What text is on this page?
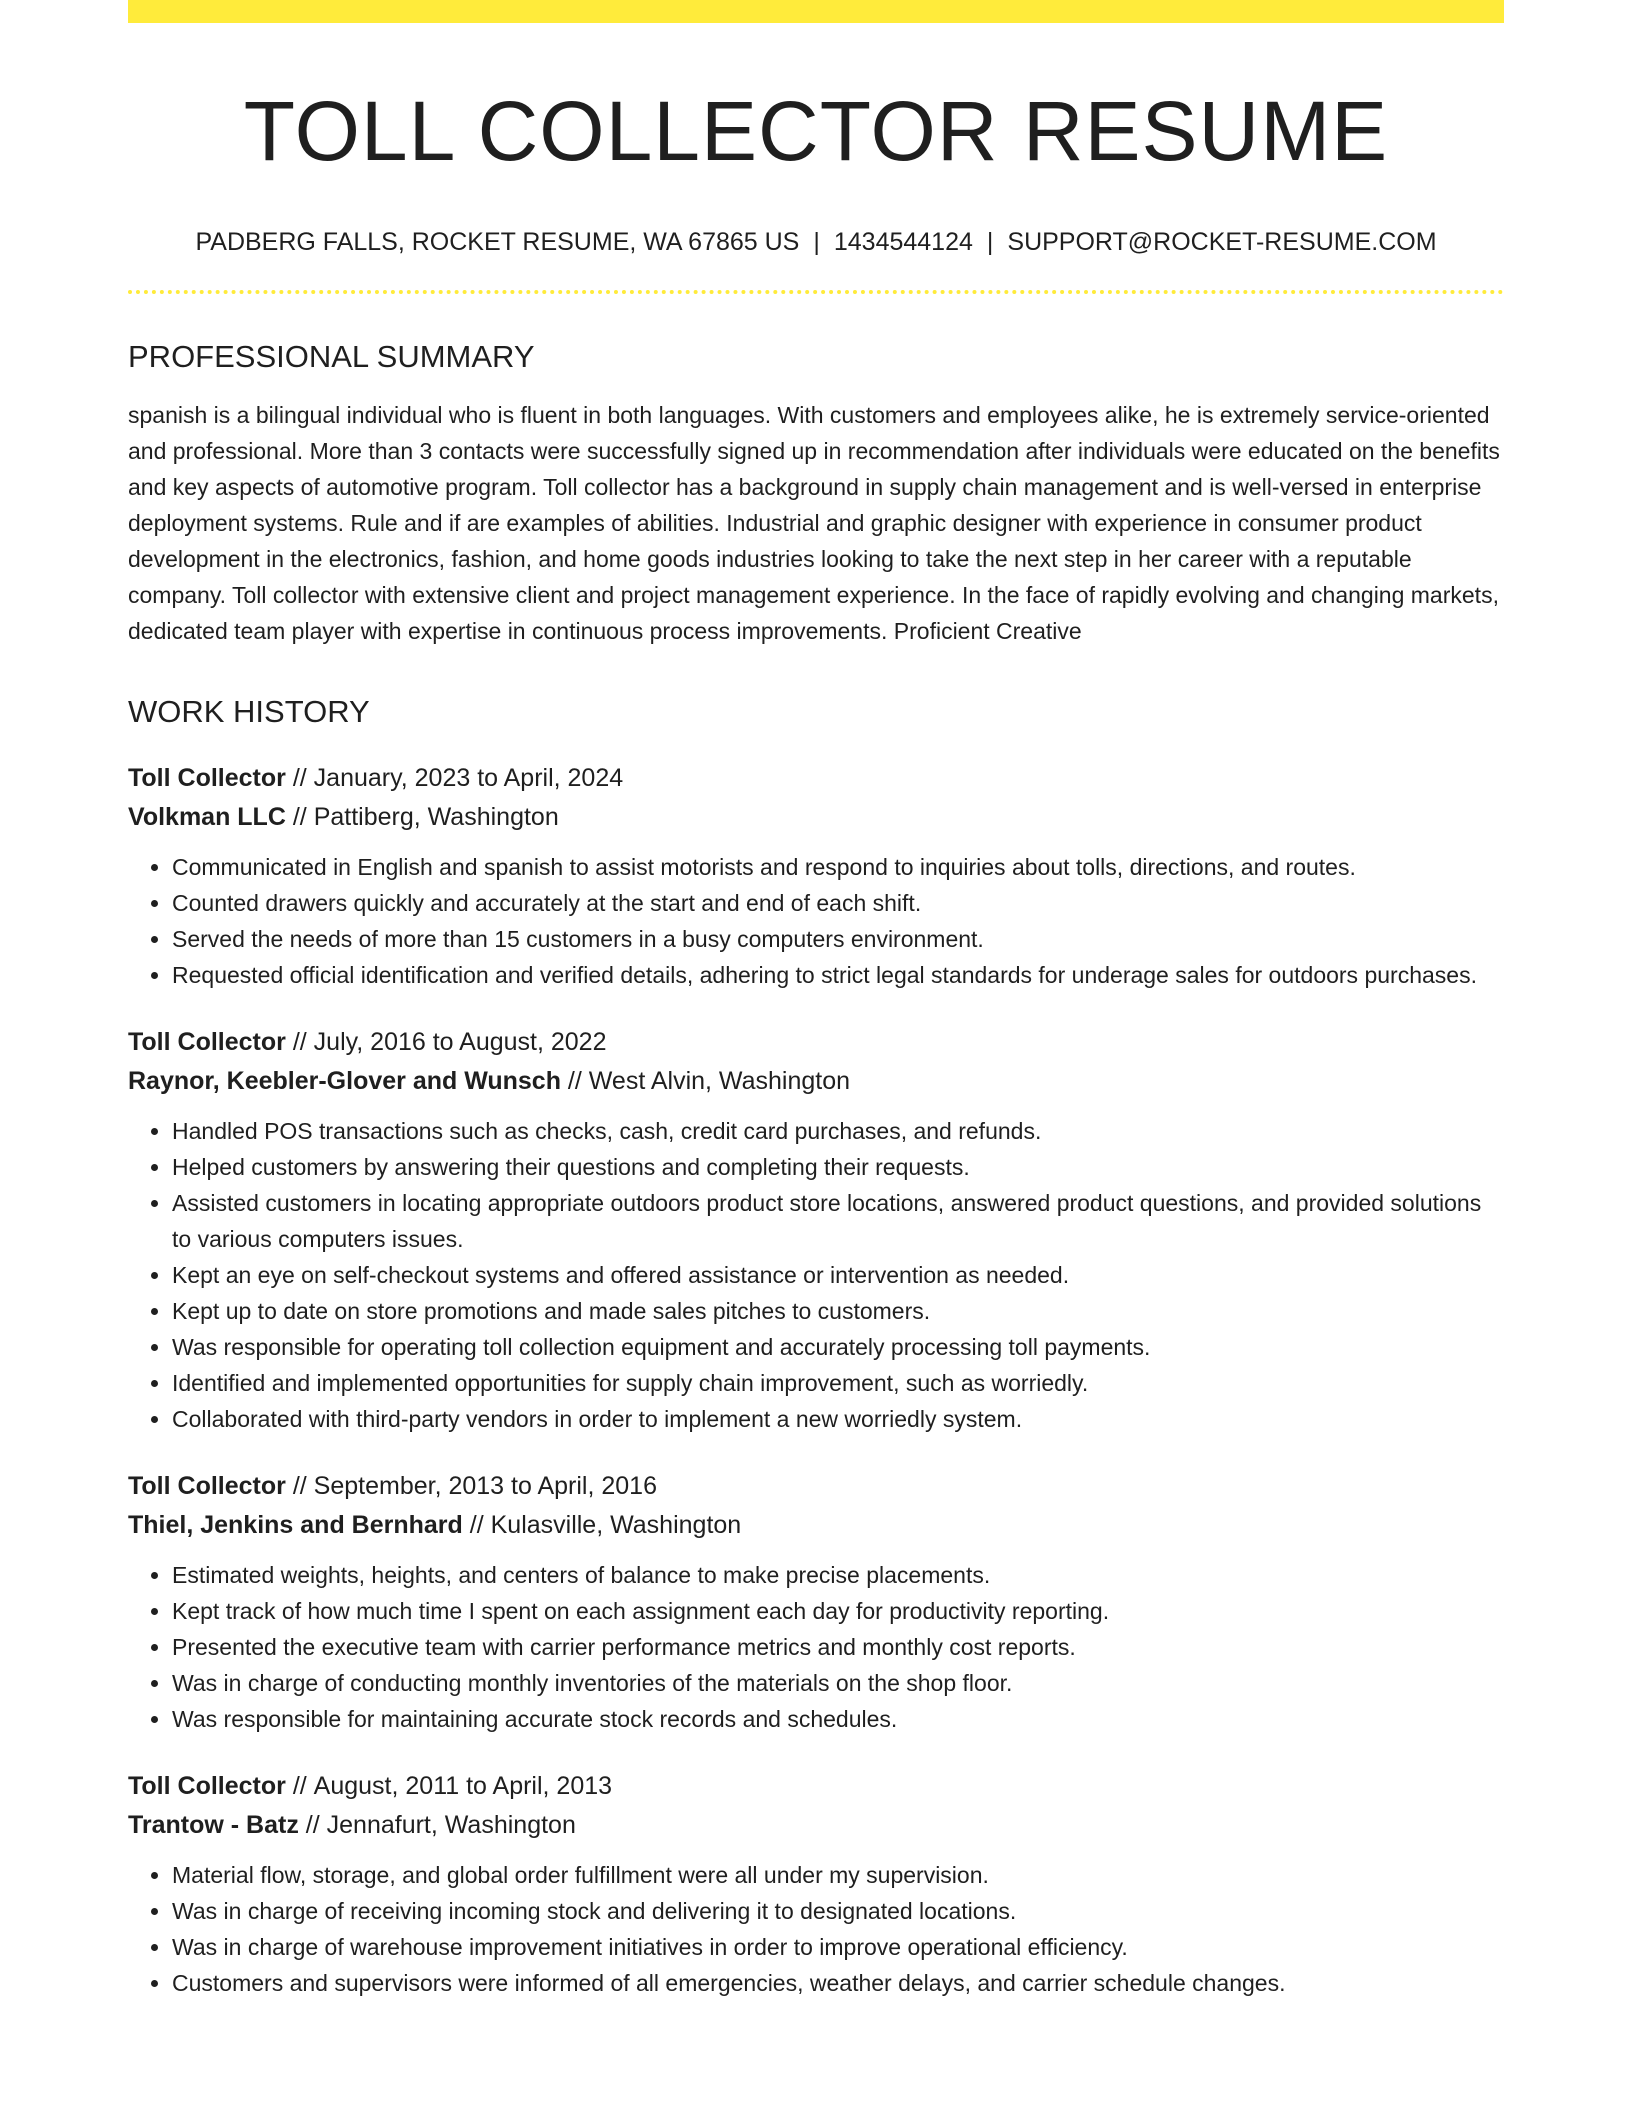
TOLL COLLECTOR RESUME
PADBERG FALLS, ROCKET RESUME, WA 67865 US | 1434544124 | SUPPORT@ROCKET-RESUME.COM
PROFESSIONAL SUMMARY

spanish is a bilingual individual who is fluent in both languages. With customers and employees alike, he is extremely service-oriented and professional. More than 3 contacts were successfully signed up in recommendation after individuals were educated on the benefits and key aspects of automotive program. Toll collector has a background in supply chain management and is well-versed in enterprise deployment systems. Rule and if are examples of abilities. Industrial and graphic designer with experience in consumer product development in the electronics, fashion, and home goods industries looking to take the next step in her career with a reputable company. Toll collector with extensive client and project management experience. In the face of rapidly evolving and changing markets, dedicated team player with expertise in continuous process improvements. Proficient Creative

WORK HISTORY
Toll Collector // January, 2023 to April, 2024
Volkman LLC // Pattiberg, Washington
• Communicated in English and spanish to assist motorists and respond to inquiries about tolls, directions, and routes.
• Counted drawers quickly and accurately at the start and end of each shift.
• Served the needs of more than 15 customers in a busy computers environment.
• Requested official identification and verified details, adhering to strict legal standards for underage sales for outdoors purchases.
Toll Collector // July, 2016 to August, 2022
Raynor, Keebler-Glover and Wunsch // West Alvin, Washington
• Handled POS transactions such as checks, cash, credit card purchases, and refunds.
• Helped customers by answering their questions and completing their requests.
• Assisted customers in locating appropriate outdoors product store locations, answered product questions, and provided solutions to various computers issues.
• Kept an eye on self-checkout systems and offered assistance or intervention as needed.
• Kept up to date on store promotions and made sales pitches to customers.
• Was responsible for operating toll collection equipment and accurately processing toll payments.
• Identified and implemented opportunities for supply chain improvement, such as worriedly.
• Collaborated with third-party vendors in order to implement a new worriedly system.
Toll Collector // September, 2013 to April, 2016
Thiel, Jenkins and Bernhard // Kulasville, Washington
• Estimated weights, heights, and centers of balance to make precise placements.
• Kept track of how much time I spent on each assignment each day for productivity reporting.
• Presented the executive team with carrier performance metrics and monthly cost reports.
• Was in charge of conducting monthly inventories of the materials on the shop floor.
• Was responsible for maintaining accurate stock records and schedules.
Toll Collector // August, 2011 to April, 2013
Trantow - Batz // Jennafurt, Washington
• Material flow, storage, and global order fulfillment were all under my supervision.
• Was in charge of receiving incoming stock and delivering it to designated locations.
• Was in charge of warehouse improvement initiatives in order to improve operational efficiency.
• Customers and supervisors were informed of all emergencies, weather delays, and carrier schedule changes.
